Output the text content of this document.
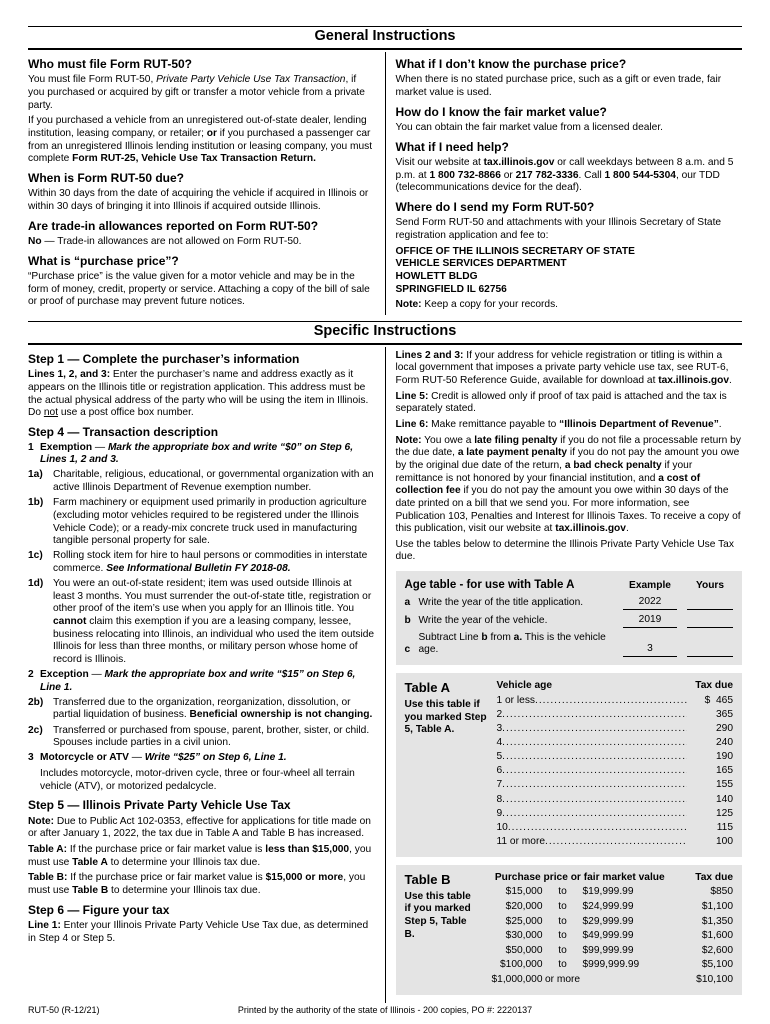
General Instructions
Who must file Form RUT-50?

You must file Form RUT-50, Private Party Vehicle Use Tax Transaction, if you purchased or acquired by gift or transfer a motor vehicle from a private party.

If you purchased a vehicle from an unregistered out-of-state dealer, lending institution, leasing company, or retailer; or if you purchased a passenger car from an unregistered Illinois lending institution or leasing company, you must complete Form RUT-25, Vehicle Use Tax Transaction Return.

When is Form RUT-50 due?

Within 30 days from the date of acquiring the vehicle if acquired in Illinois or within 30 days of bringing it into Illinois if acquired outside Illinois.

Are trade-in allowances reported on Form RUT-50?

No — Trade-in allowances are not allowed on Form RUT-50.

What is “purchase price”?

“Purchase price” is the value given for a motor vehicle and may be in the form of money, credit, property or service. Attaching a copy of the bill of sale or proof of purchase may prevent future notices.

What if I don’t know the purchase price?

When there is no stated purchase price, such as a gift or even trade, fair market value is used.

How do I know the fair market value?

You can obtain the fair market value from a licensed dealer.

What if I need help?

Visit our website at tax.illinois.gov or call weekdays between 8 a.m. and 5 p.m. at 1 800 732-8866 or 217 782-3336. Call 1 800 544-5304, our TDD (telecommunications device for the deaf).

Where do I send my Form RUT-50?

Send Form RUT-50 and attachments with your Illinois Secretary of State registration application and fee to:

OFFICE OF THE ILLINOIS SECRETARY OF STATE
VEHICLE SERVICES DEPARTMENT
HOWLETT BLDG
SPRINGFIELD IL 62756

Note: Keep a copy for your records.

Specific Instructions
Step 1 — Complete the purchaser’s information

Lines 1, 2, and 3: Enter the purchaser’s name and address exactly as it appears on the Illinois title or registration application. This address must be the actual physical address of the party who will be using the item in Illinois. Do not use a post office box number.

Step 4 — Transaction description
1 Exemption — Mark the appropriate box and write “$0” on Step 6, Lines 1, 2 and 3.
1a)	Charitable, religious, educational, or governmental organization with an active Illinois Department of Revenue exemption number.
1b) Farm machinery or equipment used primarily in production agriculture (excluding motor vehicles required to be registered under the Illinois Vehicle Code); or a ready-mix concrete truck used in manufacturing tangible personal property for sale.
1c)	Rolling stock item for hire to haul persons or commodities in interstate commerce. See Informational Bulletin FY 2018-08.
1d) You were an out-of-state resident; item was used outside Illinois at least 3 months. You must surrender the out-of-state title, registration or other proof of the item’s use when you apply for an Illinois title. You cannot claim this exemption if you are a leasing company, lessee, business relocating into Illinois, an individual who used the item outside Illinois for less than three months, or military person whose home of record is Illinois.
2 Exception — Mark the appropriate box and write “$15” on Step 6, Line 1.
2b) Transferred due to the organization, reorganization, dissolution, or partial liquidation of business. Beneficial ownership is not changing.
2c)	Transferred or purchased from spouse, parent, brother, sister, or child. Spouses include parties in a civil union.
3 Motorcycle or ATV — Write “$25” on Step 6, Line 1.

Includes motorcycle, motor-driven cycle, three or four-wheel all terrain vehicle (ATV), or motorized pedalcycle.

Step 5 — Illinois Private Party Vehicle Use Tax

Note: Due to Public Act 102-0353, effective for applications for title made on or after January 1, 2022, the tax due in Table A and Table B has increased.

Table A: If the purchase price or fair market value is less than $15,000, you must use Table A to determine your Illinois tax due.

Table B: If the purchase price or fair market value is $15,000 or more, you must use Table B to determine your Illinois tax due.

Step 6 — Figure your tax

Line 1: Enter your Illinois Private Party Vehicle Use Tax due, as determined in Step 4 or Step 5.

Lines 2 and 3: If your address for vehicle registration or titling is within a local government that imposes a private party vehicle use tax, see RUT-6, Form RUT-50 Reference Guide, available for download at tax.illinois.gov.

Line 5: Credit is allowed only if proof of tax paid is attached and the tax is separately stated.

Line 6: Make remittance payable to “Illinois Department of Revenue”.

Note: You owe a late filing penalty if you do not file a processable return by the due date, a late payment penalty if you do not pay the amount you owe by the original due date of the return, a bad check penalty if your remittance is not honored by your financial institution, and a cost of collection fee if you do not pay the amount you owe within 30 days of the date printed on a bill that we send you. For more information, see Publication 103, Penalties and Interest for Illinois Taxes. To receive a copy of this publication, visit our website at tax.illinois.gov.

Use the tables below to determine the Illinois Private Party Vehicle Use Tax due.

Age table - for use with Table A	Example	Yours
a Write the year of the title application.	2022
b Write the year of the vehicle.	2019
c
Subtract Line b from a. This is the vehicle age.	3
Table A
Use this table if you marked Step 5, Table A.
Vehicle age	Tax due
1 or less .....	$  465
2 .....	365
3 .....	290
4 .....	240
5 .....	190
6 .....	165
7 .....	155
8 .....	140
9 .....	125
10 .....	115
11 or more .....	100
Table B
Use this table if you marked Step 5, Table B.
Purchase price or fair market value	Tax due
$15,000	to	$19,999.99	$850
$20,000	to	$24,999.99	$1,100
$25,000	to	$29,999.99	$1,350
$30,000	to	$49,999.99	$1,600
$50,000	to	$99,999.99	$2,600
$100,000	to	$999,999.99	$5,100
$1,000,000 or more	$10,100
Printed by the authority of the state of Illinois - 200 copies, PO #: 2220137
RUT-50 (R-12/21)
